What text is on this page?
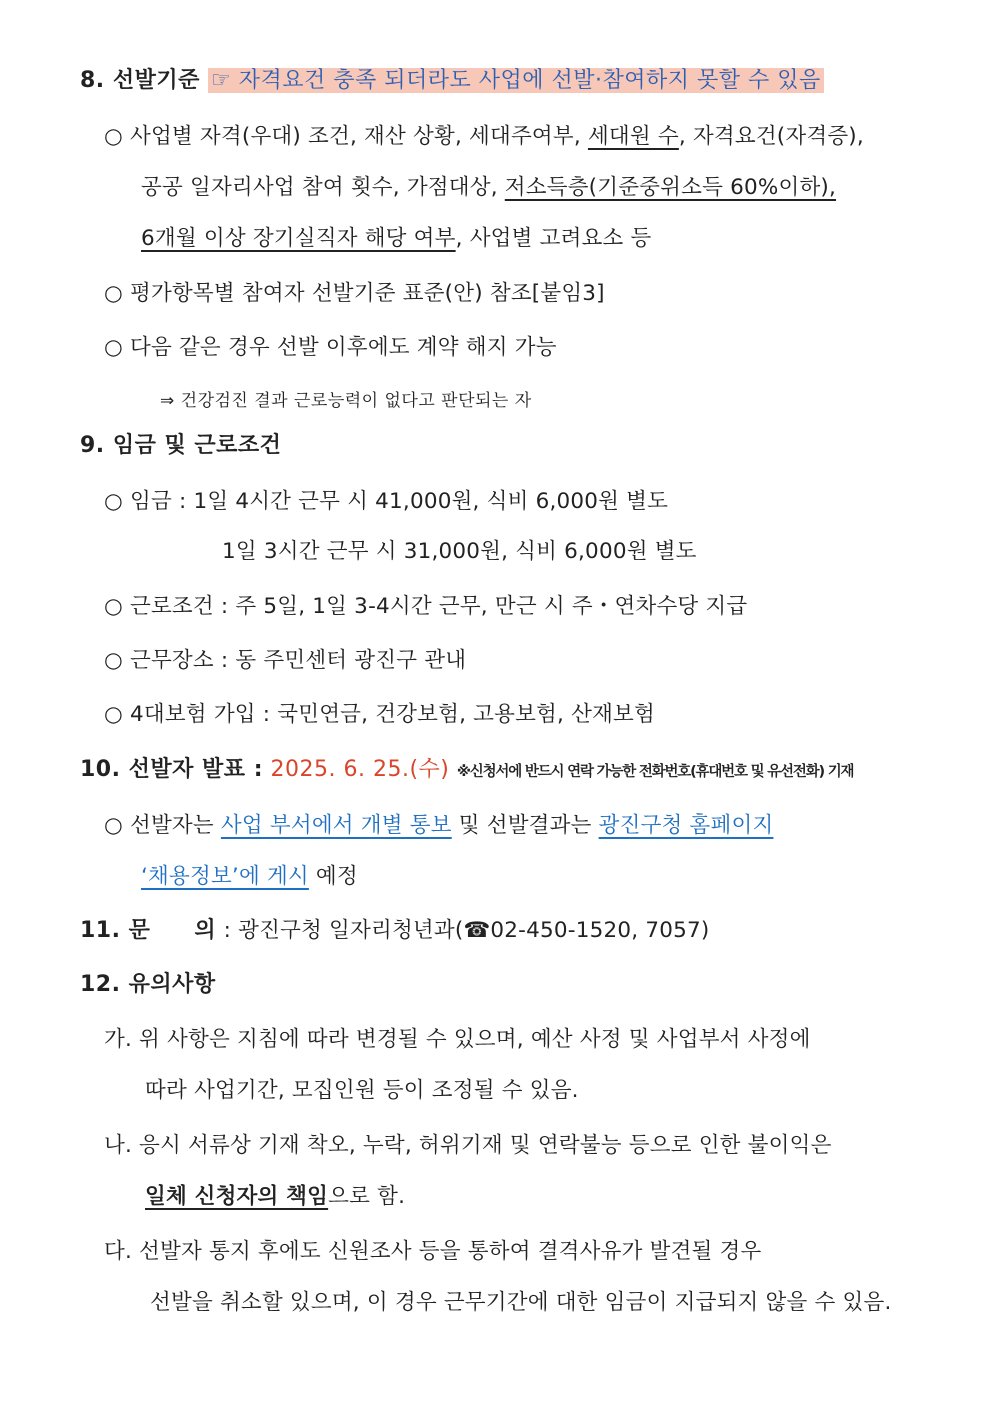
8. 선발기준 ☞ 자격요건 충족 되더라도 사업에 선발·참여하지 못할 수 있음
○ 사업별 자격(우대) 조건, 재산 상황, 세대주여부, 세대원 수, 자격요건(자격증),
공공 일자리사업 참여 횟수, 가점대상, 저소득층(기준중위소득 60%이하),
6개월 이상 장기실직자 해당 여부, 사업별 고려요소 등
○ 평가항목별 참여자 선발기준 표준(안) 참조[붙임3]
○ 다음 같은 경우 선발 이후에도 계약 해지 가능
⇒ 건강검진 결과 근로능력이 없다고 판단되는 자
9. 임금 및 근로조건
○ 임금 : 1일 4시간 근무 시 41,000원, 식비 6,000원 별도
1일 3시간 근무 시 31,000원, 식비 6,000원 별도
○ 근로조건 : 주 5일, 1일 3-4시간 근무, 만근 시 주・연차수당 지급
○ 근무장소 : 동 주민센터 광진구 관내
○ 4대보험 가입 : 국민연금, 건강보험, 고용보험, 산재보험
10. 선발자 발표 : 2025. 6. 25.(수) ※신청서에 반드시 연락 가능한 전화번호(휴대번호 및 유선전화) 기재
○ 선발자는 사업 부서에서 개별 통보 및 선발결과는 광진구청 홈페이지
‘채용정보’에 게시 예정
11. 문 의 : 광진구청 일자리청년과(☎02-450-1520, 7057)
12. 유의사항
가. 위 사항은 지침에 따라 변경될 수 있으며, 예산 사정 및 사업부서 사정에
따라 사업기간, 모집인원 등이 조정될 수 있음.
나. 응시 서류상 기재 착오, 누락, 허위기재 및 연락불능 등으로 인한 불이익은
일체 신청자의 책임으로 함.
다. 선발자 통지 후에도 신원조사 등을 통하여 결격사유가 발견될 경우
선발을 취소할 있으며, 이 경우 근무기간에 대한 임금이 지급되지 않을 수 있음.
